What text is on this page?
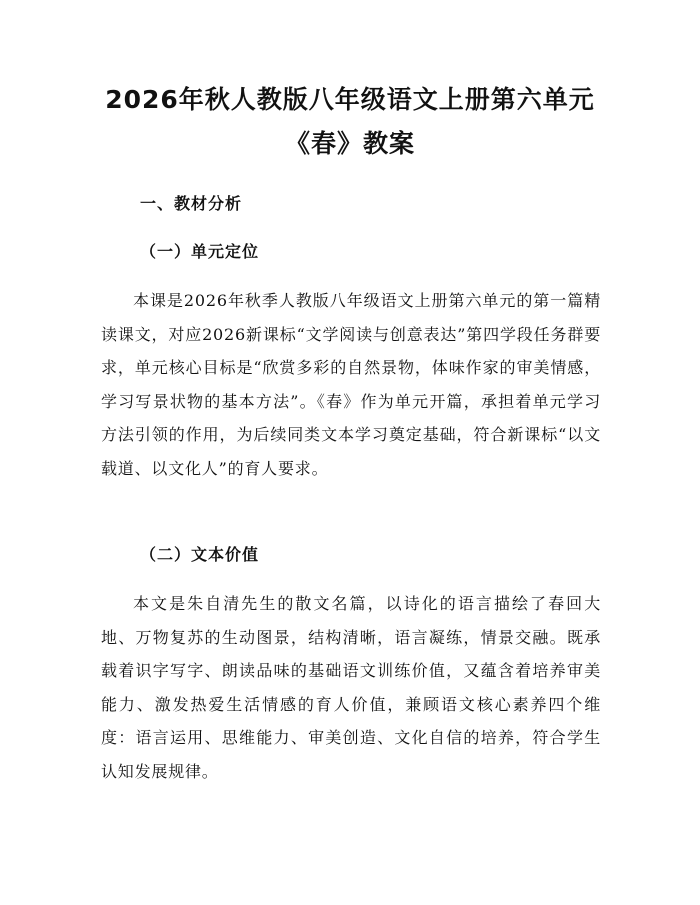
2026年秋人教版八年级语文上册第六单元
《春》教案
一、教材分析
（一）单元定位

本课是2026年秋季人教版八年级语文上册第六单元的第一篇精读课文，对应2026新课标“文学阅读与创意表达”第四学段任务群要求，单元核心目标是“欣赏多彩的自然景物，体味作家的审美情感，学习写景状物的基本方法”。《春》作为单元开篇，承担着单元学习方法引领的作用，为后续同类文本学习奠定基础，符合新课标“以文载道、以文化人”的育人要求。

（二）文本价值

本文是朱自清先生的散文名篇，以诗化的语言描绘了春回大地、万物复苏的生动图景，结构清晰，语言凝练，情景交融。既承载着识字写字、朗读品味的基础语文训练价值，又蕴含着培养审美能力、激发热爱生活情感的育人价值，兼顾语文核心素养四个维度：语言运用、思维能力、审美创造、文化自信的培养，符合学生认知发展规律。
